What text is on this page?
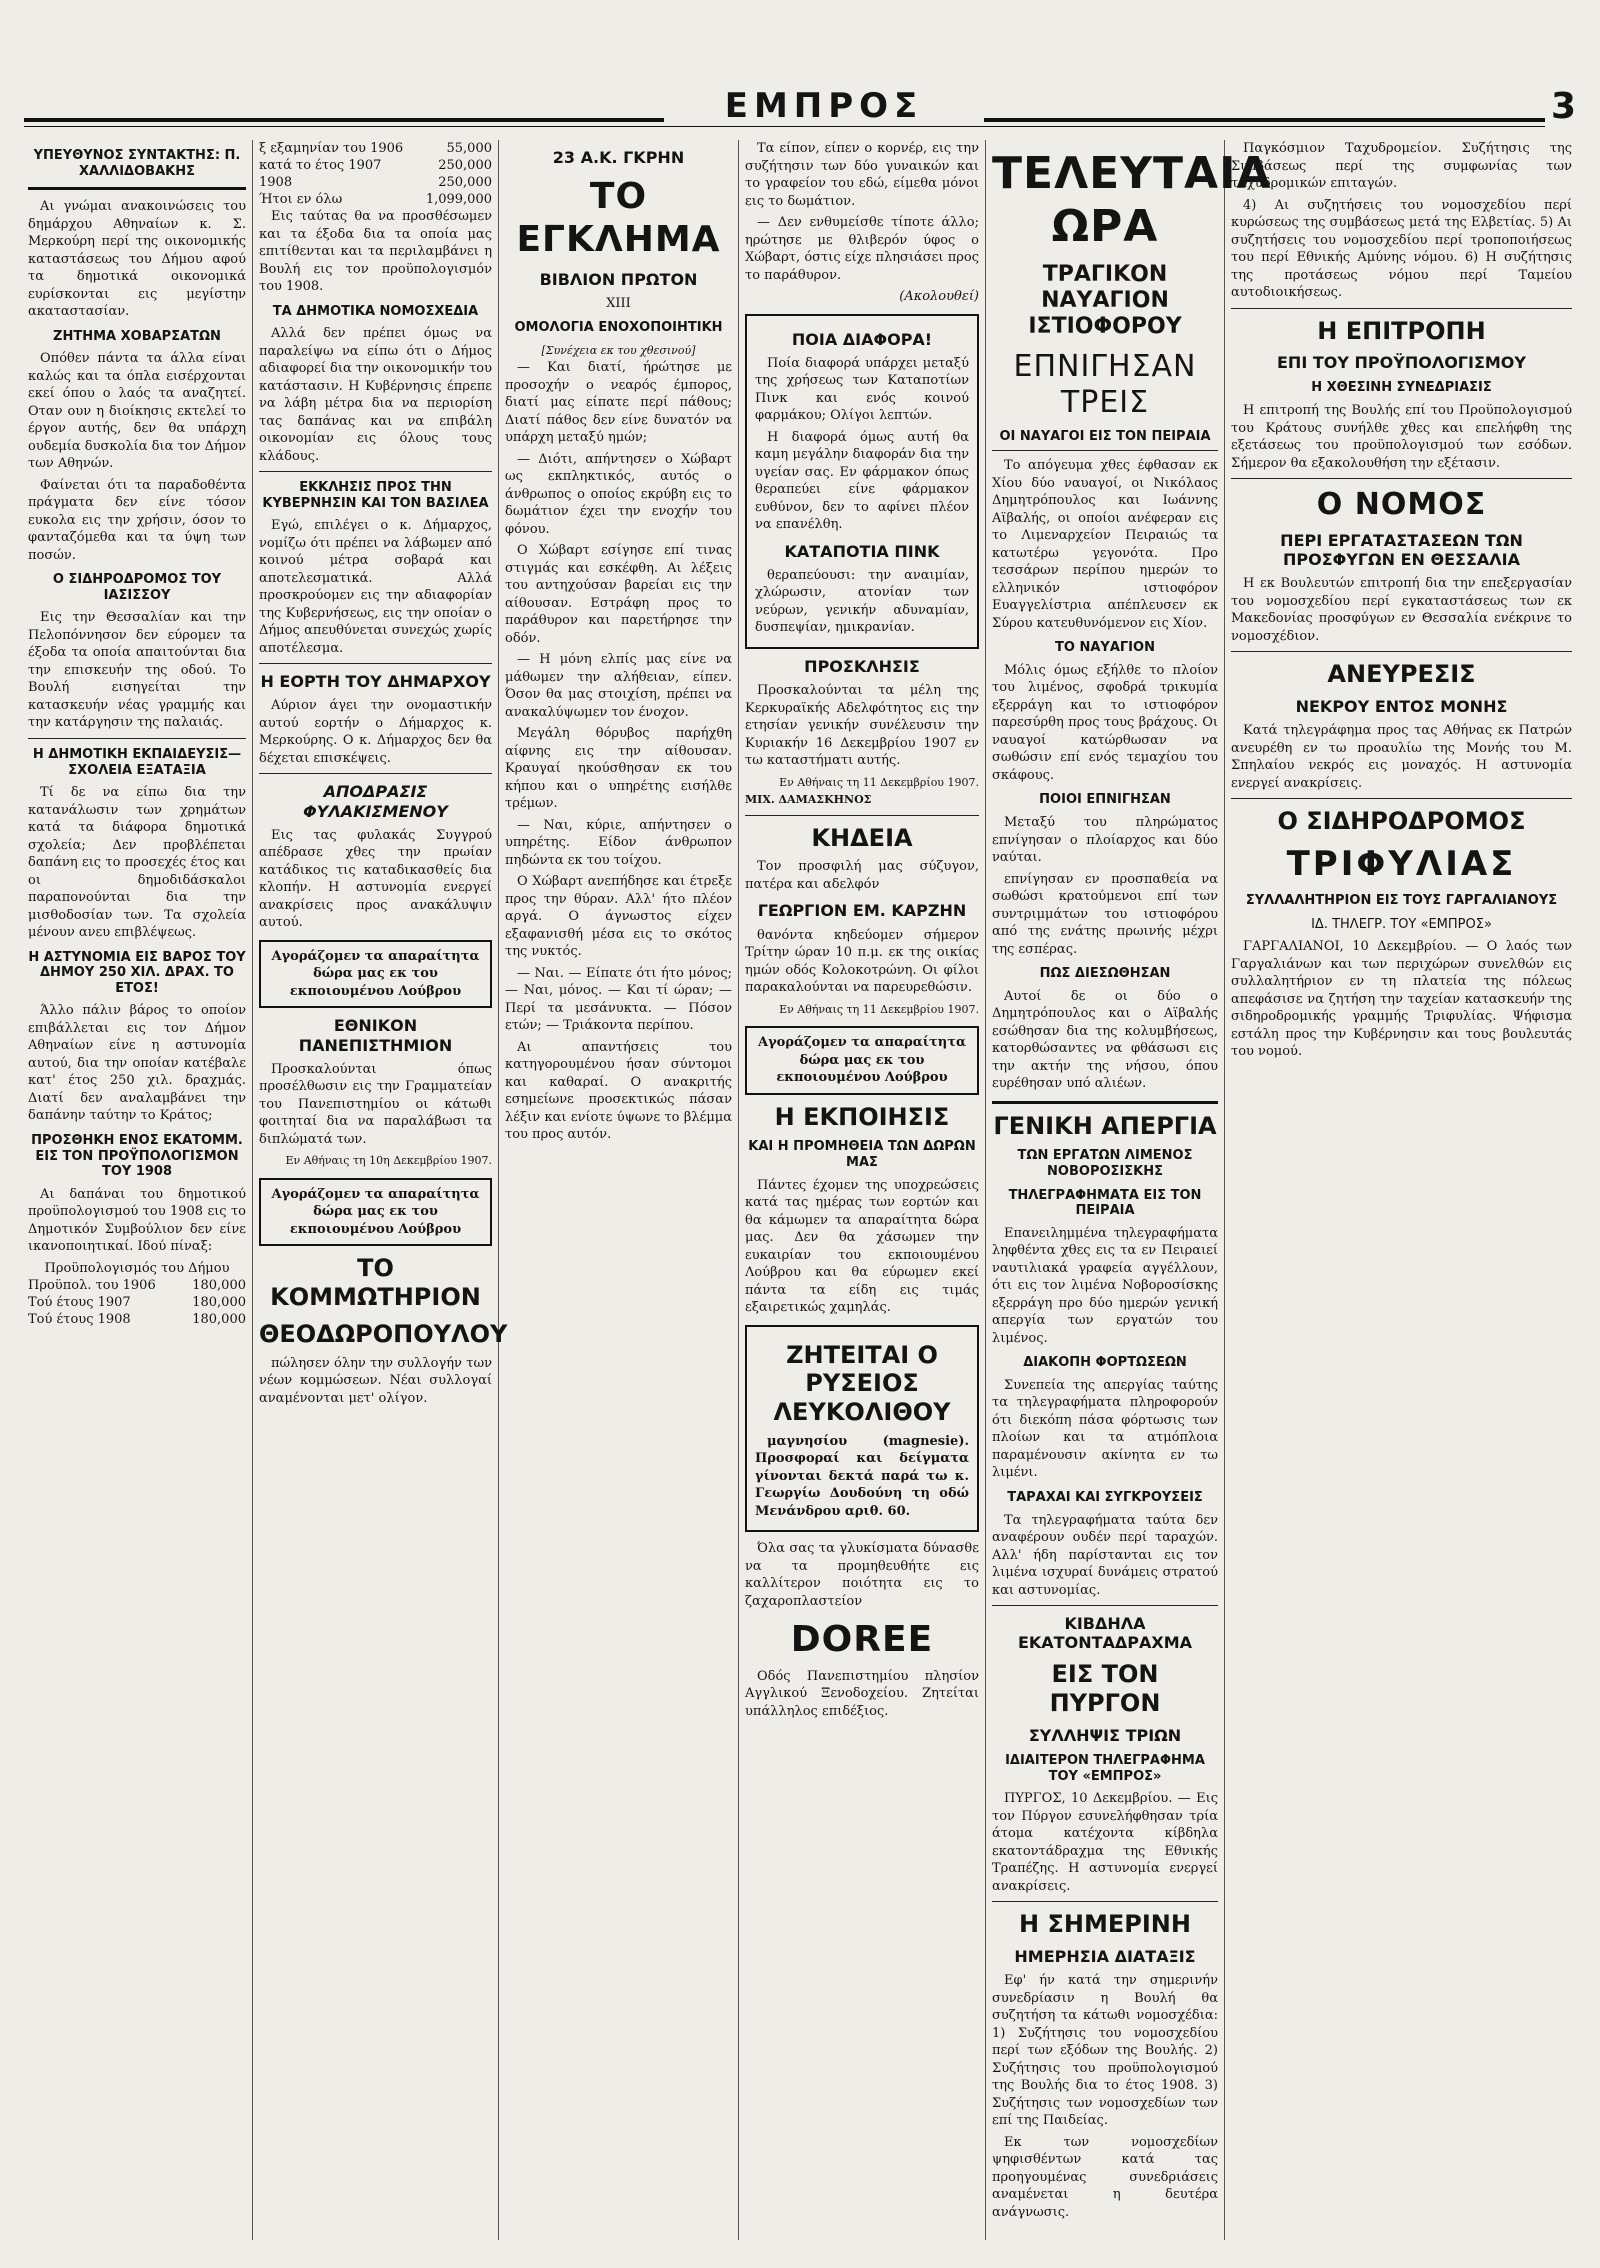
ΕΜΠΡΟΣ	3
ΥΠΕΥΘΥΝΟΣ ΣΥΝΤΑΚΤΗΣ: Π. ΧΑΛΛΙΔΟΒΑΚΗΣ

Αι γνώμαι ανακοινώσεις του δημάρχου Αθηναίων κ. Σ. Μερκούρη περί της οικονομικής καταστάσεως του Δήμου αφού τα δημοτικά οικονομικά ευρίσκονται εις μεγίστην ακαταστασίαν.

ΖΗΤΗΜΑ ΧΟΒΑΡΣΑΤΩΝ

Οπόθεν πάντα τα άλλα είναι καλώς και τα όπλα εισέρχονται εκεί όπου ο λαός τα αναζητεί. Οταν ουν η διοίκησις εκτελεί το έργον αυτής, δεν θα υπάρχη ουδεμία δυσκολία δια τον Δήμον των Αθηνών.

Φαίνεται ότι τα παραδοθέντα πράγματα δεν είνε τόσον ευκολα εις την χρήσιν, όσον το φανταζόμεθα και τα ύψη των ποσών.

Ο ΣΙΔΗΡΟΔΡΟΜΟΣ ΤΟΥ ΙΑΣΙΣΣΟΥ

Εις την Θεσσαλίαν και την Πελοπόννησον δεν εύρομεν τα έξοδα τα οποία απαιτούνται δια την επισκευήν της οδού. Το Βουλή εισηγείται την κατασκευήν νέας γραμμής και την κατάργησιν της παλαιάς.

Η ΔΗΜΟΤΙΚΗ ΕΚΠΑΙΔΕΥΣΙΣ—ΣΧΟΛΕΙΑ ΕΞΑΤΑΞΙΑ

Τί δε να είπω δια την κατανάλωσιν των χρημάτων κατά τα διάφορα δημοτικά σχολεία; Δεν προβλέπεται δαπάνη εις το προσεχές έτος και οι δημοδιδάσκαλοι παραπονούνται δια την μισθοδοσίαν των. Τα σχολεία μένουν ανευ επιβλέψεως.

Η ΑΣΤΥΝΟΜΙΑ ΕΙΣ ΒΑΡΟΣ ΤΟΥ ΔΗΜΟΥ 250 ΧΙΛ. ΔΡΑΧ. ΤΟ ΕΤΟΣ!

Άλλο πάλιν βάρος το οποίον επιβάλλεται εις τον Δήμον Αθηναίων είνε η αστυνομία αυτού, δια την οποίαν κατέβαλε κατ' έτος 250 χιλ. δραχμάς. Διατί δεν αναλαμβάνει την δαπάνην ταύτην το Κράτος;

ΠΡΟΣΘΗΚΗ ΕΝΟΣ ΕΚΑΤΟΜΜ. ΕΙΣ ΤΟΝ ΠΡΟΫΠΟΛΟΓΙΣΜΟΝ ΤΟΥ 1908

Αι δαπάναι του δημοτικού προϋπολογισμού του 1908 εις το Δημοτικόν Συμβούλιον δεν είνε ικανοποιητικαί. Ιδού πίναξ:

Προϋπολογισμός του Δήμου
Προϋπολ. του 1906	180,000
Τού έτους 1907	180,000
Τού έτους 1908	180,000
ξ εξαμηνίαν του 1906	55,000
κατά το έτος 1907	250,000
1908	250,000
Ήτοι εν όλω	1,099,000

Εις ταύτας θα να προσθέσωμεν και τα έξοδα δια τα οποία μας επιτίθενται και τα περιλαμβάνει η Βουλή εις τον προϋπολογισμόν του 1908.

ΤΑ ΔΗΜΟΤΙΚΑ ΝΟΜΟΣΧΕΔΙΑ

Αλλά δεν πρέπει όμως να παραλείψω να είπω ότι ο Δήμος αδιαφορεί δια την οικονομικήν του κατάστασιν. Η Κυβέρνησις έπρεπε να λάβη μέτρα δια να περιορίση τας δαπάνας και να επιβάλη οικονομίαν εις όλους τους κλάδους.

ΕΚΚΛΗΣΙΣ ΠΡΟΣ ΤΗΝ ΚΥΒΕΡΝΗΣΙΝ ΚΑΙ ΤΟΝ ΒΑΣΙΛΕΑ

Εγώ, επιλέγει ο κ. Δήμαρχος, νομίζω ότι πρέπει να λάβωμεν από κοινού μέτρα σοβαρά και αποτελεσματικά. Αλλά προσκρούομεν εις την αδιαφορίαν της Κυβερνήσεως, εις την οποίαν ο Δήμος απευθύνεται συνεχώς χωρίς αποτέλεσμα.

Η ΕΟΡΤΗ ΤΟΥ ΔΗΜΑΡΧΟΥ

Αύριον άγει την ονομαστικήν αυτού εορτήν ο Δήμαρχος κ. Μερκούρης. Ο κ. Δήμαρχος δεν θα δέχεται επισκέψεις.

ΑΠΟΔΡΑΣΙΣ ΦΥΛΑΚΙΣΜΕΝΟΥ

Εις τας φυλακάς Συγγρού απέδρασε χθες την πρωίαν κατάδικος τις καταδικασθείς δια κλοπήν. Η αστυνομία ενεργεί ανακρίσεις προς ανακάλυψιν αυτού.

Αγοράζομεν τα απαραίτητα δώρα μας εκ του εκποιουμένου Λούβρου
ΕΘΝΙΚΟΝ ΠΑΝΕΠΙΣΤΗΜΙΟΝ

Προσκαλούνται όπως προσέλθωσιν εις την Γραμματείαν του Πανεπιστημίου οι κάτωθι φοιτηταί δια να παραλάβωσι τα διπλώματά των.

Εν Αθήναις τη 10η Δεκεμβρίου 1907.
Αγοράζομεν τα απαραίτητα δώρα μας εκ του εκποιουμένου Λούβρου
ΤΟ ΚΟΜΜΩΤΗΡΙΟΝ
ΘΕΟΔΩΡΟΠΟΥΛΟΥ

πώλησεν όλην την συλλογήν των νέων κομμώσεων. Νέαι συλλογαί αναμένονται μετ' ολίγον.

23 Α.Κ. ΓΚΡΗΝ
ΤΟ ΕΓΚΛΗΜΑ
ΒΙΒΛΙΟΝ ΠΡΩΤΟΝ
XIII
ΟΜΟΛΟΓΙΑ ΕΝΟΧΟΠΟΙΗΤΙΚΗ
[Συνέχεια εκ του χθεσινού]

— Και διατί, ήρώτησε με προσοχήν ο νεαρός έμπορος, διατί μας είπατε περί πάθους; Διατί πάθος δεν είνε δυνατόν να υπάρχη μεταξύ ημών;

— Διότι, απήντησεν ο Χώβαρτ ως εκπληκτικός, αυτός ο άνθρωπος ο οποίος εκρύβη εις το δωμάτιον έχει την ενοχήν του φόνου.

Ο Χώβαρτ εσίγησε επί τινας στιγμάς και εσκέφθη. Αι λέξεις του αντηχούσαν βαρείαι εις την αίθουσαν. Εστράφη προς το παράθυρον και παρετήρησε την οδόν.

— Η μόνη ελπίς μας είνε να μάθωμεν την αλήθειαν, είπεν. Όσον θα μας στοιχίση, πρέπει να ανακαλύψωμεν τον ένοχον.

Μεγάλη θόρυβος παρήχθη αίφνης εις την αίθουσαν. Κραυγαί ηκούσθησαν εκ του κήπου και ο υπηρέτης εισήλθε τρέμων.

— Ναι, κύριε, απήντησεν ο υπηρέτης. Είδον άνθρωπον πηδώντα εκ του τοίχου.

Ο Χώβαρτ ανεπήδησε και έτρεξε προς την θύραν. Αλλ' ήτο πλέον αργά. Ο άγνωστος είχεν εξαφανισθή μέσα εις το σκότος της νυκτός.

— Ναι. — Είπατε ότι ήτο μόνος; — Ναι, μόνος. — Και τί ώραν; — Περί τα μεσάνυκτα. — Πόσον ετών; — Τριάκοντα περίπου.

Αι απαντήσεις του κατηγορουμένου ήσαν σύντομοι και καθαραί. Ο ανακριτής εσημείωνε προσεκτικώς πάσαν λέξιν και ενίοτε ύψωνε το βλέμμα του προς αυτόν.

Τα είπον, είπεν ο κορνέρ, εις την συζήτησιν των δύο γυναικών και το γραφείον του εδώ, είμεθα μόνοι εις το δωμάτιον.

— Δεν ενθυμείσθε τίποτε άλλο; ηρώτησε με θλιβερόν ύφος ο Χώβαρτ, όστις είχε πλησιάσει προς το παράθυρον.

(Ακολουθεί)
ΠΟΙΑ ΔΙΑΦΟΡΑ!

Ποία διαφορά υπάρχει μεταξύ της χρήσεως των Καταποτίων Πινκ και ενός κοινού φαρμάκου; Ολίγοι λεπτών.

Η διαφορά όμως αυτή θα καμη μεγάλην διαφοράν δια την υγείαν σας. Εν φάρμακον όπως θεραπεύει είνε φάρμακον ευθύνον, δεν το αφίνει πλέον να επανέλθη.

ΚΑΤΑΠΟΤΙΑ ΠΙΝΚ

θεραπεύουσι: την αναιμίαν, χλώρωσιν, ατονίαν των νεύρων, γενικήν αδυναμίαν, δυσπεψίαν, ημικρανίαν.

ΠΡΟΣΚΛΗΣΙΣ

Προσκαλούνται τα μέλη της Κερκυραϊκής Αδελφότητος εις την ετησίαν γενικήν συνέλευσιν την Κυριακήν 16 Δεκεμβρίου 1907 εν τω καταστήματι αυτής.

Εν Αθήναις τη 11 Δεκεμβρίου 1907.
ΜΙΧ. ΔΑΜΑΣΚΗΝΟΣ
ΚΗΔΕΙΑ

Τον προσφιλή μας σύζυγον, πατέρα και αδελφόν

ΓΕΩΡΓΙΟΝ ΕΜ. ΚΑΡΖΗΝ

θανόντα κηδεύομεν σήμερον Τρίτην ώραν 10 π.μ. εκ της οικίας ημών οδός Κολοκοτρώνη. Οι φίλοι παρακαλούνται να παρευρεθώσιν.

Εν Αθήναις τη 11 Δεκεμβρίου 1907.
Αγοράζομεν τα απαραίτητα δώρα μας εκ του εκποιουμένου Λούβρου
Η ΕΚΠΟΙΗΣΙΣ
ΚΑΙ Η ΠΡΟΜΗΘΕΙΑ ΤΩΝ ΔΩΡΩΝ ΜΑΣ

Πάντες έχομεν της υποχρεώσεις κατά τας ημέρας των εορτών και θα κάμωμεν τα απαραίτητα δώρα μας. Δεν θα χάσωμεν την ευκαιρίαν του εκποιουμένου Λούβρου και θα εύρωμεν εκεί πάντα τα είδη εις τιμάς εξαιρετικώς χαμηλάς.

ΖΗΤΕΙΤΑΙ Ο ΡΥΣΕΙΟΣ ΛΕΥΚΟΛΙΘΟΥ

μαγνησίου (magnesie). Προσφοραί και δείγματα γίνονται δεκτά παρά τω κ. Γεωργίω Δουδούνη τη οδώ Μενάνδρου αριθ. 60.

Όλα σας τα γλυκίσματα δύνασθε να τα προμηθευθήτε εις καλλίτερον ποιότητα εις το ζαχαροπλαστείον

DOREE

Οδός Πανεπιστημίου πλησίον Αγγλικού Ξενοδοχείου. Ζητείται υπάλληλος επιδέξιος.

ΤΕΛΕΥΤΑΙΑ ΩΡΑ
ΤΡΑΓΙΚΟΝ ΝΑΥΑΓΙΟΝ ΙΣΤΙΟΦΟΡΟΥ
ΕΠΝΙΓΗΣΑΝ ΤΡΕΙΣ
ΟΙ ΝΑΥΑΓΟΙ ΕΙΣ ΤΟΝ ΠΕΙΡΑΙΑ

Το απόγευμα χθες έφθασαν εκ Χίου δύο ναυαγοί, οι Νικόλαος Δημητρόπουλος και Ιωάννης Αϊβαλής, οι οποίοι ανέφεραν εις το Λιμεναρχείον Πειραιώς τα κατωτέρω γεγονότα. Προ τεσσάρων περίπου ημερών το ελληνικόν ιστιοφόρον Ευαγγελίστρια απέπλευσεν εκ Σύρου κατευθυνόμενον εις Χίον.

ΤΟ ΝΑΥΑΓΙΟΝ

Μόλις όμως εξήλθε το πλοίον του λιμένος, σφοδρά τρικυμία εξερράγη και το ιστιοφόρον παρεσύρθη προς τους βράχους. Οι ναυαγοί κατώρθωσαν να σωθώσιν επί ενός τεμαχίου του σκάφους.

ΠΟΙΟΙ ΕΠΝΙΓΗΣΑΝ

Μεταξύ του πληρώματος επνίγησαν ο πλοίαρχος και δύο ναύται.

επνίγησαν εν προσπαθεία να σωθώσι κρατούμενοι επί των συντριμμάτων του ιστιοφόρου από της ενάτης πρωινής μέχρι της εσπέρας.

ΠΩΣ ΔΙΕΣΩΘΗΣΑΝ

Αυτοί δε οι δύο ο Δημητρόπουλος και ο Αϊβαλής εσώθησαν δια της κολυμβήσεως, κατορθώσαντες να φθάσωσι εις την ακτήν της νήσου, όπου ευρέθησαν υπό αλιέων.

ΓΕΝΙΚΗ ΑΠΕΡΓΙΑ
ΤΩΝ ΕΡΓΑΤΩΝ ΛΙΜΕΝΟΣ ΝΟΒΟΡΟΣΙΣΚΗΣ
ΤΗΛΕΓΡΑΦΗΜΑΤΑ ΕΙΣ ΤΟΝ ΠΕΙΡΑΙΑ

Επανειλημμένα τηλεγραφήματα ληφθέντα χθες εις τα εν Πειραιεί ναυτιλιακά γραφεία αγγέλλουν, ότι εις τον λιμένα Νοβοροσίσκης εξερράγη προ δύο ημερών γενική απεργία των εργατών του λιμένος.

ΔΙΑΚΟΠΗ ΦΟΡΤΩΣΕΩΝ

Συνεπεία της απεργίας ταύτης τα τηλεγραφήματα πληροφορούν ότι διεκόπη πάσα φόρτωσις των πλοίων και τα ατμόπλοια παραμένουσιν ακίνητα εν τω λιμένι.

ΤΑΡΑΧΑΙ ΚΑΙ ΣΥΓΚΡΟΥΣΕΙΣ

Τα τηλεγραφήματα ταύτα δεν αναφέρουν ουδέν περί ταραχών. Αλλ' ήδη παρίστανται εις τον λιμένα ισχυραί δυνάμεις στρατού και αστυνομίας.

ΚΙΒΔΗΛΑ ΕΚΑΤΟΝΤΑΔΡΑΧΜΑ
ΕΙΣ ΤΟΝ ΠΥΡΓΟΝ
ΣΥΛΛΗΨΙΣ ΤΡΙΩΝ
ΙΔΙΑΙΤΕΡΟΝ ΤΗΛΕΓΡΑΦΗΜΑ ΤΟΥ «ΕΜΠΡΟΣ»

ΠΥΡΓΟΣ, 10 Δεκεμβρίου. — Εις τον Πύργον εσυνελήφθησαν τρία άτομα κατέχοντα κίβδηλα εκατοντάδραχμα της Εθνικής Τραπέζης. Η αστυνομία ενεργεί ανακρίσεις.

Η ΣΗΜΕΡΙΝΗ
ΗΜΕΡΗΣΙΑ ΔΙΑΤΑΞΙΣ

Εφ' ήν κατά την σημερινήν συνεδρίασιν η Βουλή θα συζητήση τα κάτωθι νομοσχέδια: 1) Συζήτησις του νομοσχεδίου περί των εξόδων της Βουλής. 2) Συζήτησις του προϋπολογισμού της Βουλής δια το έτος 1908. 3) Συζήτησις των νομοσχεδίων των επί της Παιδείας.

Εκ των νομοσχεδίων ψηφισθέντων κατά τας προηγουμένας συνεδριάσεις αναμένεται η δευτέρα ανάγνωσις.

Παγκόσμιον Ταχυδρομείον. Συζήτησις της Συμβάσεως περί της συμφωνίας των ταχυδρομικών επιταγών.

4) Αι συζητήσεις του νομοσχεδίου περί κυρώσεως της συμβάσεως μετά της Ελβετίας. 5) Αι συζητήσεις του νομοσχεδίου περί τροποποιήσεως του περί Εθνικής Αμύνης νόμου. 6) Η συζήτησις της προτάσεως νόμου περί Ταμείου αυτοδιοικήσεως.

Η ΕΠΙΤΡΟΠΗ
ΕΠΙ ΤΟΥ ΠΡΟΫΠΟΛΟΓΙΣΜΟΥ
Η ΧΘΕΣΙΝΗ ΣΥΝΕΔΡΙΑΣΙΣ

Η επιτροπή της Βουλής επί του Προϋπολογισμού του Κράτους συνήλθε χθες και επελήφθη της εξετάσεως του προϋπολογισμού των εσόδων. Σήμερον θα εξακολουθήση την εξέτασιν.

Ο ΝΟΜΟΣ
ΠΕΡΙ ΕΡΓΑΤΑΣΤΑΣΕΩΝ ΤΩΝ ΠΡΟΣΦΥΓΩΝ ΕΝ ΘΕΣΣΑΛΙΑ

Η εκ Βουλευτών επιτροπή δια την επεξεργασίαν του νομοσχεδίου περί εγκαταστάσεως των εκ Μακεδονίας προσφύγων εν Θεσσαλία ενέκρινε το νομοσχέδιον.

ΑΝΕΥΡΕΣΙΣ
ΝΕΚΡΟΥ ΕΝΤΟΣ ΜΟΝΗΣ

Κατά τηλεγράφημα προς τας Αθήνας εκ Πατρών ανευρέθη εν τω προαυλίω της Μονής του Μ. Σπηλαίου νεκρός εις μοναχός. Η αστυνομία ενεργεί ανακρίσεις.

Ο ΣΙΔΗΡΟΔΡΟΜΟΣ
ΤΡΙΦΥΛΙΑΣ
ΣΥΛΛΑΛΗΤΗΡΙΟΝ ΕΙΣ ΤΟΥΣ ΓΑΡΓΑΛΙΑΝΟΥΣ
ΙΔ. ΤΗΛΕΓΡ. ΤΟΥ «ΕΜΠΡΟΣ»

ΓΑΡΓΑΛΙΑΝΟΙ, 10 Δεκεμβρίου. — Ο λαός των Γαργαλιάνων και των περιχώρων συνελθών εις συλλαλητήριον εν τη πλατεία της πόλεως απεφάσισε να ζητήση την ταχείαν κατασκευήν της σιδηροδρομικής γραμμής Τριφυλίας. Ψήφισμα εστάλη προς την Κυβέρνησιν και τους βουλευτάς του νομού.
